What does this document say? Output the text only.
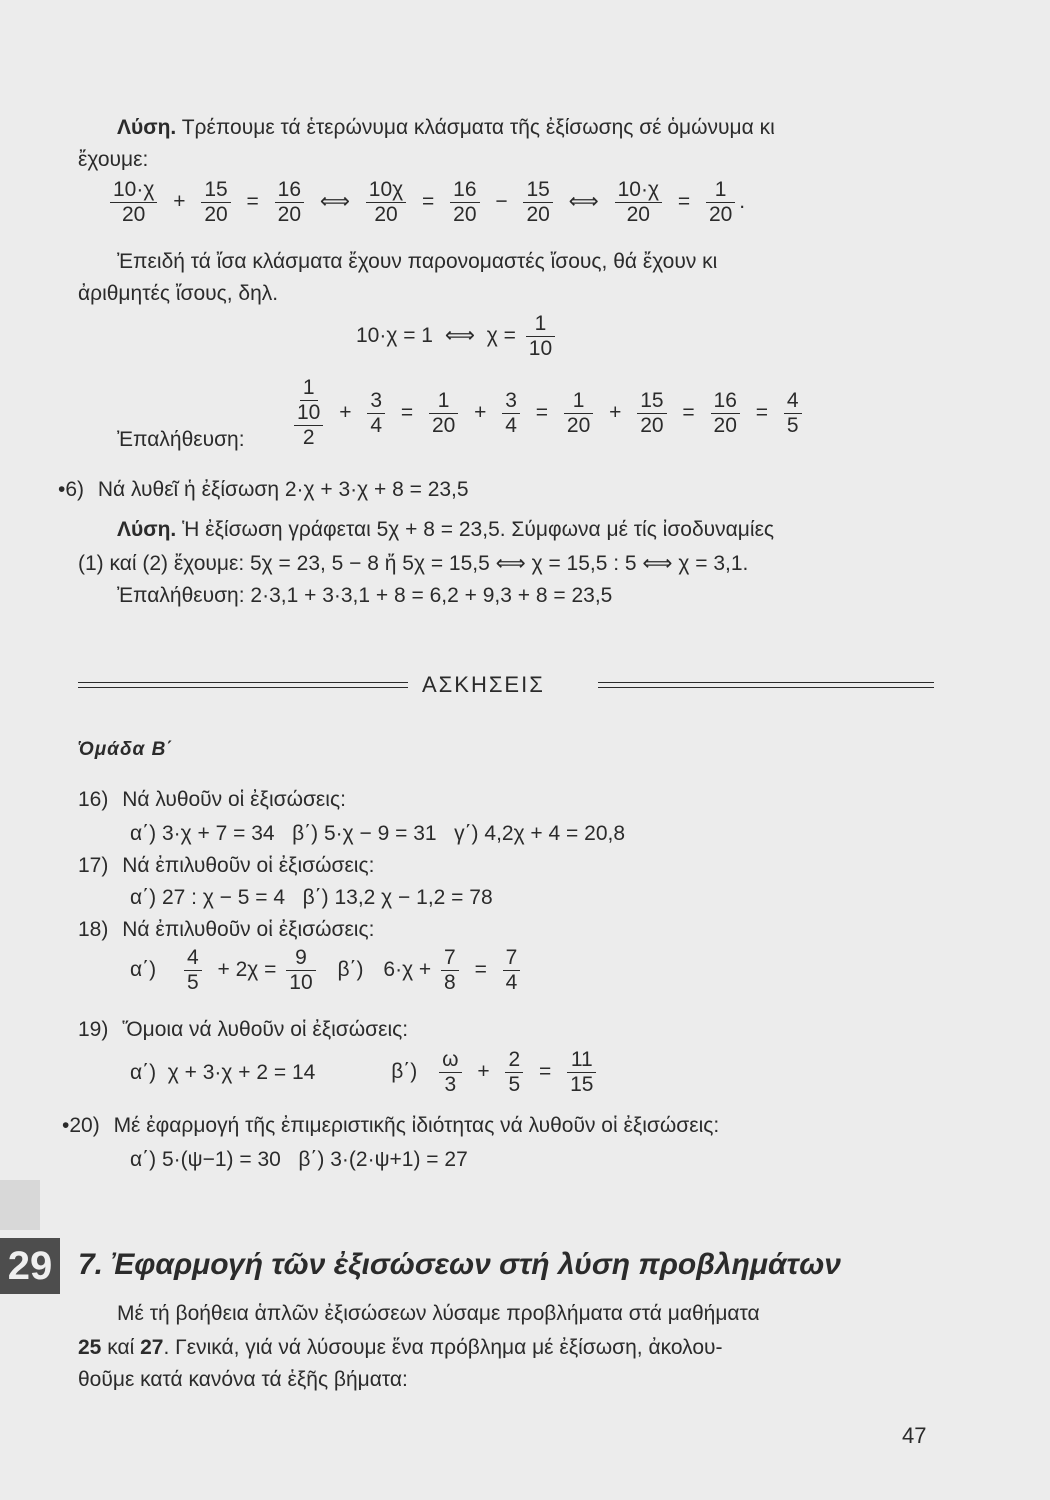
Λύση. Τρέπουμε τά ἑτερώνυμα κλάσματα τῆς ἐξίσωσης σέ ὁμώνυμα κι
ἔχουμε:
$\frac{10\cdot\chi}{20} + \frac{15}{20} = \frac{16}{20}$ ⟺ $\frac{10\chi}{20} = \frac{16}{20} - \frac{15}{20}$ ⟺ $\frac{10\cdot\chi}{20} = \frac{1}{20}$ .
Ἐπειδή τά ἴσα κλάσματα ἔχουν παρονομαστές ἴσους, θά ἔχουν κι
ἀριθμητές ἴσους, δηλ.
10·χ = 1 ⟺ $\chi = \frac{1}{10}$
Ἐπαλήθευση:
1
10
2
+ $\frac{3}{4} = \frac{1}{20} + \frac{3}{4} = \frac{1}{20} + \frac{15}{20} = \frac{16}{20} = \frac{4}{5}$
•6) Νά λυθεῖ ἡ ἐξίσωση 2·χ + 3·χ + 8 = 23,5
Λύση. Ἡ ἐξίσωση γράφεται 5χ + 8 = 23,5. Σύμφωνα μέ τίς ἰσοδυναμίες
(1) καί (2) ἔχουμε: 5χ = 23, 5 − 8 ἤ 5χ = 15,5 ⟺ χ = 15,5 : 5 ⟺ χ = 3,1.
Ἐπαλήθευση: 2·3,1 + 3·3,1 + 8 = 6,2 + 9,3 + 8 = 23,5
ΑΣΚΗΣΕΙΣ
Ὁμάδα Β΄
16) Νά λυθοῦν οἱ ἐξισώσεις:
α΄) 3·χ + 7 = 34   β΄) 5·χ − 9 = 31   γ΄) 4,2χ + 4 = 20,8
17) Νά ἐπιλυθοῦν οἱ ἐξισώσεις:
α΄) 27 : χ − 5 = 4   β΄) 13,2 χ − 1,2 = 78
18) Νά ἐπιλυθοῦν οἱ ἐξισώσεις:
$\alpha΄) \frac{4}{5} + 2\chi = \frac{9}{10} \beta΄$) $6\cdot\chi + \frac{7}{8} = \frac{7}{4}$
19) Ὅμοια νά λυθοῦν οἱ ἐξισώσεις:
α΄)  χ + 3·χ + 2 = 14	$\beta΄) \frac{\omega}{3} + \frac{2}{5} = \frac{11}{15}$
•20) Μέ ἐφαρμογή τῆς ἐπιμεριστικῆς ἰδιότητας νά λυθοῦν οἱ ἐξισώσεις:
α΄) 5·(ψ−1) = 30   β΄) 3·(2·ψ+1) = 27
29 7. Ἐφαρμογή τῶν ἐξισώσεων στή λύση προβλημάτων
Μέ τή βοήθεια ἁπλῶν ἐξισώσεων λύσαμε προβλήματα στά μαθήματα
25 καί 27. Γενικά, γιά νά λύσουμε ἕνα πρόβλημα μέ ἐξίσωση, ἀκολου-
θοῦμε κατά κανόνα τά ἑξῆς βήματα:
47
